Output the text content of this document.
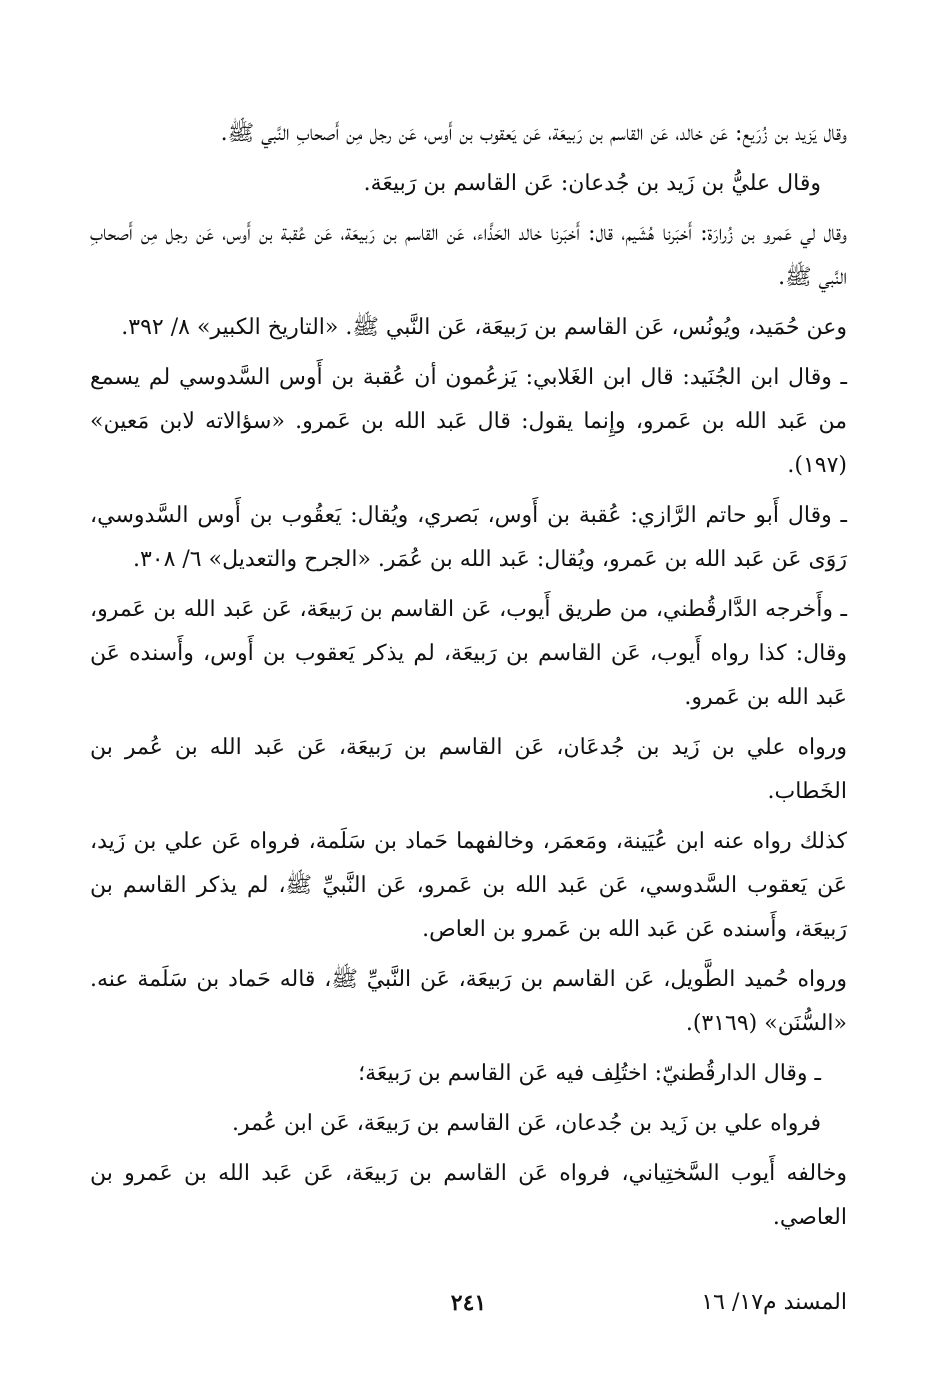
وقال يَزيد بن زُرَيع: عَن خالد، عَن القاسم بن رَبيعَة، عَن يَعقوب بن أَوس، عَن رجل مِن أَصحابِ النَّبي ﷺ.

وقال عليُّ بن زَيد بن جُدعان: عَن القاسم بن رَبيعَة.

وقال لي عَمرو بن زُرارَة: أَخبَرنا هُشَيم، قال: أَخبَرنا خالد الحَذَّاء، عَن القاسم بن رَبيعَة، عَن عُقبة بن أَوس، عَن رجل مِن أَصحابِ النَّبي ﷺ.

وعن حُمَيد، ويُونُس، عَن القاسم بن رَبيعَة، عَن النَّبي ﷺ. «التاريخ الكبير» ٨/ ٣٩٢.

ـ وقال ابن الجُنَيد: قال ابن الغَلابي: يَزعُمون أن عُقبة بن أَوس السَّدوسي لم يسمع من عَبد الله بن عَمرو، وإِنما يقول: قال عَبد الله بن عَمرو. «سؤالاته لابن مَعين» (١٩٧).

ـ وقال أَبو حاتم الرَّازي: عُقبة بن أَوس، بَصري، ويُقال: يَعقُوب بن أَوس السَّدوسي، رَوَى عَن عَبد الله بن عَمرو، ويُقال: عَبد الله بن عُمَر. «الجرح والتعديل» ٦/ ٣٠٨.

ـ وأَخرجه الدَّارقُطني، من طريق أَيوب، عَن القاسم بن رَبيعَة، عَن عَبد الله بن عَمرو، وقال: كذا رواه أَيوب، عَن القاسم بن رَبيعَة، لم يذكر يَعقوب بن أَوس، وأَسنده عَن عَبد الله بن عَمرو.

ورواه علي بن زَيد بن جُدعَان، عَن القاسم بن رَبيعَة، عَن عَبد الله بن عُمر بن الخَطاب.

كذلك رواه عنه ابن عُيَينة، ومَعمَر، وخالفهما حَماد بن سَلَمة، فرواه عَن علي بن زَيد، عَن يَعقوب السَّدوسي، عَن عَبد الله بن عَمرو، عَن النَّبيِّ ﷺ، لم يذكر القاسم بن رَبيعَة، وأَسنده عَن عَبد الله بن عَمرو بن العاص.

ورواه حُميد الطَّويل، عَن القاسم بن رَبيعَة، عَن النَّبيِّ ﷺ، قاله حَماد بن سَلَمة عنه. «السُّنَن» (٣١٦٩).

ـ وقال الدارقُطنيّ: اختُلِف فيه عَن القاسم بن رَبيعَة؛

فرواه علي بن زَيد بن جُدعان، عَن القاسم بن رَبيعَة، عَن ابن عُمر.

وخالفه أَيوب السَّختِياني، فرواه عَن القاسم بن رَبيعَة، عَن عَبد الله بن عَمرو بن العاصي.

المسند م١٧/ ١٦
٢٤١
